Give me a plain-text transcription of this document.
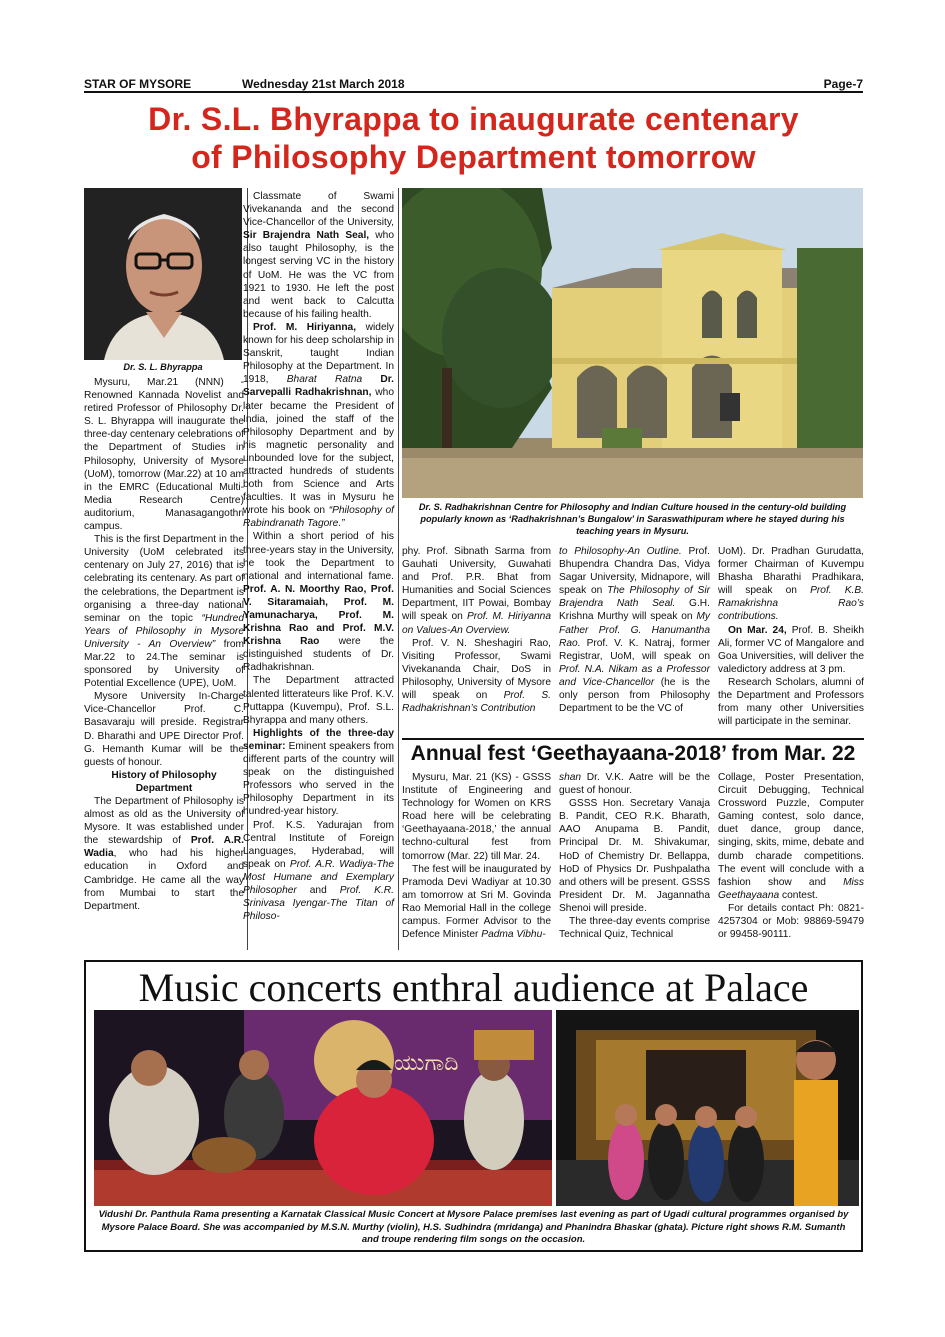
STAR OF MYSORE	Wednesday 21st March 2018	Page-7
Dr. S.L. Bhyrappa to inaugurate centenary
of Philosophy Department tomorrow
Dr. S. L. Bhyrappa

Mysuru, Mar.21 (NNN) - Renowned Kannada Novelist and retired Professor of Philosophy Dr. S. L. Bhyrappa will inaugurate the three-day centenary celebrations of the Department of Studies in Philosophy, University of Mysore (UoM), tomorrow (Mar.22) at 10 am in the EMRC (Educational Multi-Media Research Centre) auditorium, Manasagangothri campus.

This is the first Department in the University (UoM celebrated its centenary on July 27, 2016) that is celebrating its centenary. As part of the celebrations, the Department is organising a three-day national seminar on the topic “Hundred Years of Philosophy in Mysore University - An Overview” from Mar.22 to 24.The seminar is sponsored by University of Potential Excellence (UPE), UoM.

Mysore University In-Charge Vice-Chancellor Prof. C. Basavaraju will preside. Registrar D. Bharathi and UPE Director Prof. G. Hemanth Kumar will be the guests of honour.

History of Philosophy
Department

The Department of Philosophy is almost as old as the University of Mysore. It was established under the stewardship of Prof. A.R. Wadia, who had his higher education in Oxford and Cambridge. He came all the way from Mumbai to start the Department.

Classmate of Swami Vivekananda and the second Vice-Chancellor of the University, Sir Brajendra Nath Seal, who also taught Philosophy, is the longest serving VC in the history of UoM. He was the VC from 1921 to 1930. He left the post and went back to Calcutta because of his failing health.

Prof. M. Hiriyanna, widely known for his deep scholarship in Sanskrit, taught Indian Philosophy at the Department. In 1918, Bharat Ratna Dr. Sarvepalli Radhakrishnan, who later became the President of India, joined the staff of the Philosophy Department and by his magnetic personality and unbounded love for the subject, attracted hundreds of students both from Science and Arts faculties. It was in Mysuru he wrote his book on “Philosophy of Rabindranath Tagore.”

Within a short period of his three-years stay in the University, he took the Department to national and international fame. Prof. A. N. Moorthy Rao, Prof. V. Sitaramaiah, Prof. M. Yamunacharya, Prof. M. Krishna Rao and Prof. M.V. Krishna Rao were the distinguished students of Dr. Radhakrishnan.

The Department attracted talented litterateurs like Prof. K.V. Puttappa (Kuvempu), Prof. S.L. Bhyrappa and many others.

Highlights of the three-day seminar: Eminent speakers from different parts of the country will speak on the distinguished Professors who served in the Philosophy Department in its hundred-year history.

Prof. K.S. Yadurajan from Central Institute of Foreign Languages, Hyderabad, will speak on Prof. A.R. Wadiya-The Most Humane and Exemplary Philosopher and Prof. K.R. Srinivasa Iyengar-The Titan of Philoso-

Dr. S. Radhakrishnan Centre for Philosophy and Indian Culture housed in the century-old building popularly known as ‘Radhakrishnan’s Bungalow’ in Saraswathipuram where he stayed during his teaching years in Mysuru.

phy. Prof. Sibnath Sarma from Gauhati University, Guwahati and Prof. P.R. Bhat from Humanities and Social Sciences Department, IIT Powai, Bombay will speak on Prof. M. Hiriyanna on Values-An Overview.

Prof. V. N. Sheshagiri Rao, Visiting Professor, Swami Vivekananda Chair, DoS in Philosophy, University of Mysore will speak on Prof. S. Radhakrishnan’s Contribution

to Philosophy-An Outline. Prof. Bhupendra Chandra Das, Vidya Sagar University, Midnapore, will speak on The Philosophy of Sir Brajendra Nath Seal. G.H. Krishna Murthy will speak on My Father Prof. G. Hanumantha Rao. Prof. V. K. Natraj, former Registrar, UoM, will speak on Prof. N.A. Nikam as a Professor and Vice-Chancellor (he is the only person from Philosophy Department to be the VC of

UoM). Dr. Pradhan Gurudatta, former Chairman of Kuvempu Bhasha Bharathi Pradhikara, will speak on Prof. K.B. Ramakrishna Rao’s contributions.

On Mar. 24, Prof. B. Sheikh Ali, former VC of Mangalore and Goa Universities, will deliver the valedictory address at 3 pm.

Research Scholars, alumni of the Department and Professors from many other Universities will participate in the seminar.

Annual fest ‘Geethayaana-2018’ from Mar. 22

Mysuru, Mar. 21 (KS) - GSSS Institute of Engineering and Technology for Women on KRS Road here will be celebrating ‘Geethayaana-2018,’ the annual techno-cultural fest from tomorrow (Mar. 22) till Mar. 24.

The fest will be inaugurated by Pramoda Devi Wadiyar at 10.30 am tomorrow at Sri M. Govinda Rao Memorial Hall in the college campus. Former Advisor to the Defence Minister Padma Vibhu-

shan Dr. V.K. Aatre will be the guest of honour.

GSSS Hon. Secretary Vanaja B. Pandit, CEO R.K. Bharath, AAO Anupama B. Pandit, Principal Dr. M. Shivakumar, HoD of Chemistry Dr. Bellappa, HoD of Physics Dr. Pushpalatha and others will be present. GSSS President Dr. M. Jagannatha Shenoi will preside.

The three-day events comprise Technical Quiz, Technical

Collage, Poster Presentation, Circuit Debugging, Technical Crossword Puzzle, Computer Gaming contest, solo dance, duet dance, group dance, singing, skits, mime, debate and dumb charade competitions. The event will conclude with a fashion show and Miss Geethayaana contest.

For details contact Ph: 0821-4257304 or Mob: 98869-59479 or 99458-90111.

Music concerts enthral audience at Palace
ಯುಗಾದಿ
Vidushi Dr. Panthula Rama presenting a Karnatak Classical Music Concert at Mysore Palace premises last evening as part of Ugadi cultural programmes organised by Mysore Palace Board. She was accompanied by M.S.N. Murthy (violin), H.S. Sudhindra (mridanga) and Phanindra Bhaskar (ghata). Picture right shows R.M. Sumanth and troupe rendering film songs on the occasion.
